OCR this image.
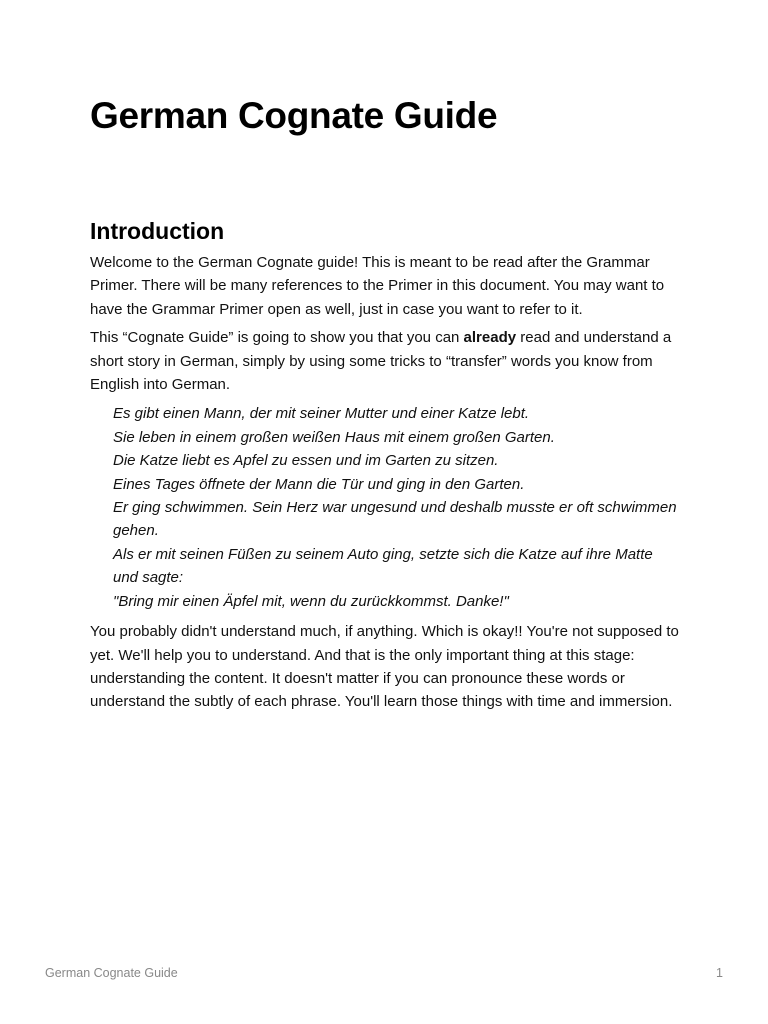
German Cognate Guide
Introduction

Welcome to the German Cognate guide! This is meant to be read after the Grammar Primer. There will be many references to the Primer in this document. You may want to have the Grammar Primer open as well, just in case you want to refer to it.

This “Cognate Guide” is going to show you that you can already read and understand a short story in German, simply by using some tricks to “transfer” words you know from English into German.

Es gibt einen Mann, der mit seiner Mutter und einer Katze lebt.
Sie leben in einem großen weißen Haus mit einem großen Garten.
Die Katze liebt es Apfel zu essen und im Garten zu sitzen.
Eines Tages öffnete der Mann die Tür und ging in den Garten.
Er ging schwimmen. Sein Herz war ungesund und deshalb musste er oft schwimmen gehen.
Als er mit seinen Füßen zu seinem Auto ging, setzte sich die Katze auf ihre Matte und sagte:
"Bring mir einen Äpfel mit, wenn du zurückkommst. Danke!"

You probably didn't understand much, if anything. Which is okay!! You're not supposed to yet. We'll help you to understand. And that is the only important thing at this stage: understanding the content. It doesn't matter if you can pronounce these words or understand the subtly of each phrase. You'll learn those things with time and immersion.

German Cognate Guide	1
